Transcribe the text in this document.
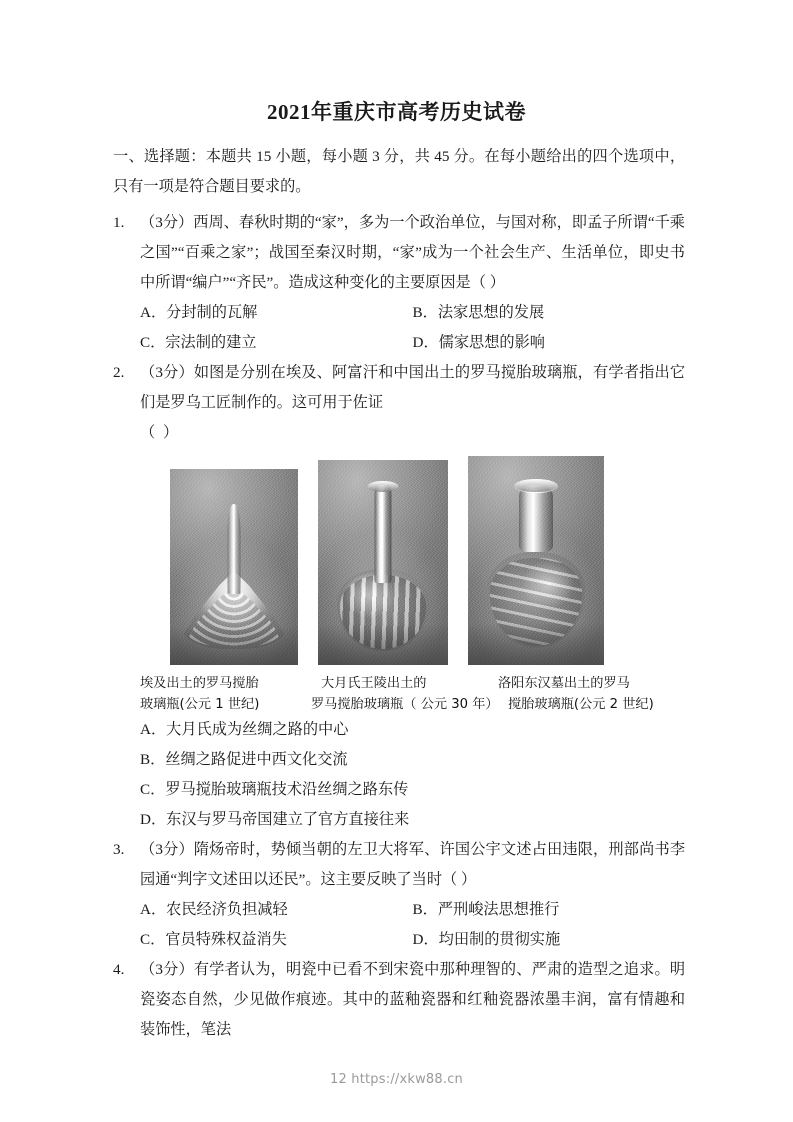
2021年重庆市高考历史试卷

一、选择题：本题共 15 小题，每小题 3 分，共 45 分。在每小题给出的四个选项中，只有一项是符合题目要求的。

1. （3分）西周、春秋时期的“家”，多为一个政治单位，与国对称，即孟子所谓“千乘之国”“百乘之家”；战国至秦汉时期，“家”成为一个社会生产、生活单位，即史书中所谓“编户”“齐民”。造成这种变化的主要原因是（ ）

A．分封制的瓦解	B．法家思想的发展
C．宗法制的建立	D．儒家思想的影响

2. （3分）如图是分别在埃及、阿富汗和中国出土的罗马搅胎玻璃瓶，有学者指出它们是罗乌工匠制作的。这可用于佐证

（ ）
埃及出土的罗马搅胎	大月氏王陵出土的	洛阳东汉墓出土的罗马
玻璃瓶(公元 1 世纪)	罗马搅胎玻璃瓶（ 公元 30 年） 搅胎玻璃瓶(公元 2 世纪)
A．大月氏成为丝绸之路的中心
B．丝绸之路促进中西文化交流
C．罗马搅胎玻璃瓶技术沿丝绸之路东传
D．东汉与罗马帝国建立了官方直接往来

3. （3分）隋炀帝时，势倾当朝的左卫大将军、许国公宇文述占田违限，刑部尚书李园通“判字文述田以还民”。这主要反映了当时（ ）

A．农民经济负担减轻	B．严刑峻法思想推行
C．官员特殊权益消失	D．均田制的贯彻实施

4. （3分）有学者认为，明瓷中已看不到宋瓷中那种理智的、严肃的造型之追求。明瓷姿态自然，少见做作痕迹。其中的蓝釉瓷器和红釉瓷器浓墨丰润，富有情趣和装饰性，笔法

12 https://xkw88.cn
